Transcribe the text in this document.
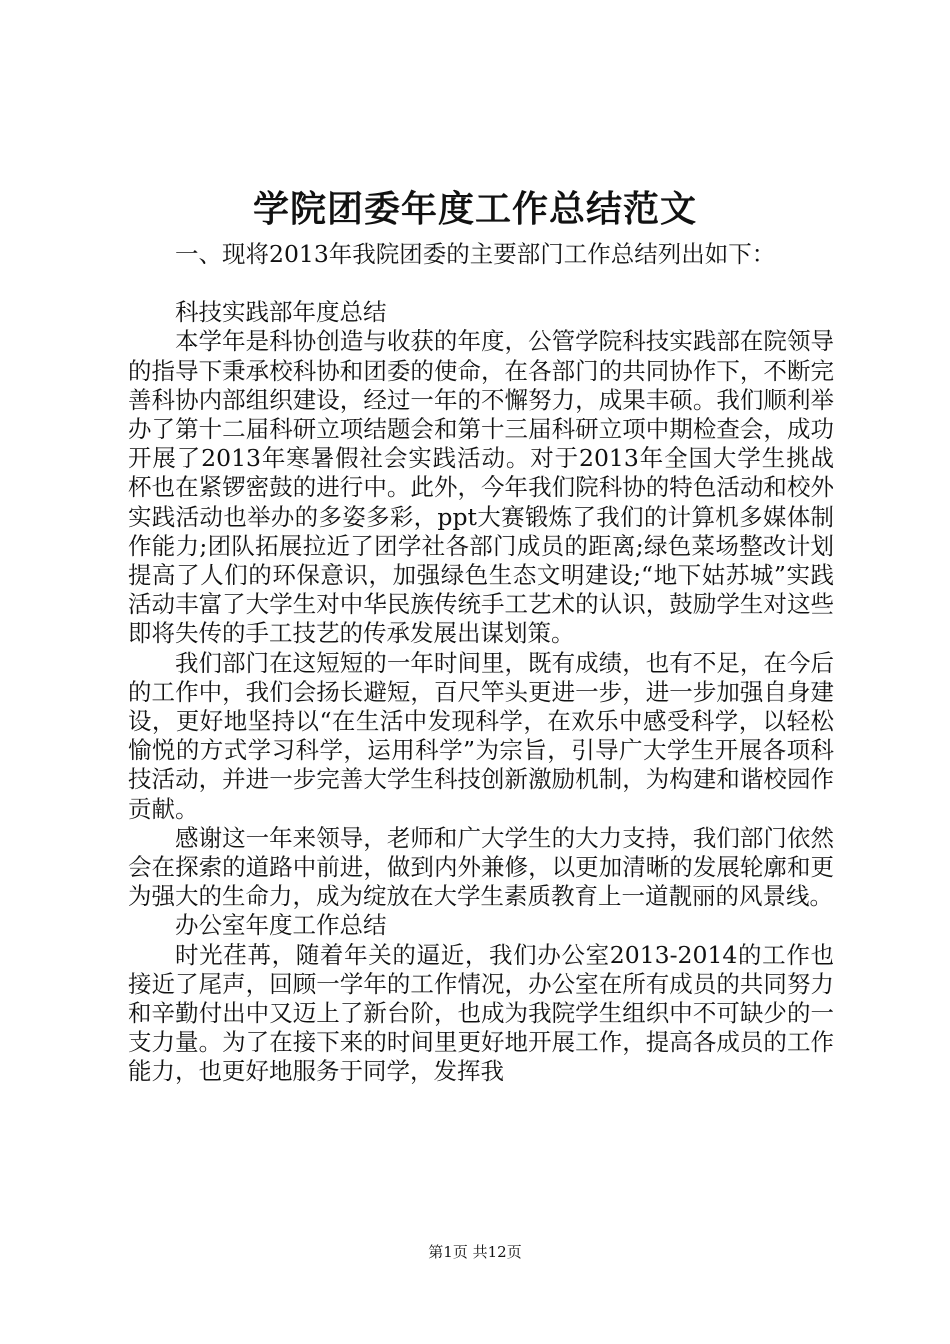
学院团委年度工作总结范文

一、现将2013年我院团委的主要部门工作总结列出如下：

科技实践部年度总结

本学年是科协创造与收获的年度，公管学院科技实践部在院领导的指导下秉承校科协和团委的使命，在各部门的共同协作下，不断完善科协内部组织建设，经过一年的不懈努力，成果丰硕。我们顺利举办了第十二届科研立项结题会和第十三届科研立项中期检查会，成功开展了2013年寒暑假社会实践活动。对于2013年全国大学生挑战杯也在紧锣密鼓的进行中。此外，今年我们院科协的特色活动和校外实践活动也举办的多姿多彩，ppt大赛锻炼了我们的计算机多媒体制作能力;团队拓展拉近了团学社各部门成员的距离;绿色菜场整改计划提高了人们的环保意识，加强绿色生态文明建设;“地下姑苏城”实践活动丰富了大学生对中华民族传统手工艺术的认识，鼓励学生对这些即将失传的手工技艺的传承发展出谋划策。

我们部门在这短短的一年时间里，既有成绩，也有不足，在今后的工作中，我们会扬长避短，百尺竿头更进一步，进一步加强自身建设，更好地坚持以“在生活中发现科学，在欢乐中感受科学，以轻松愉悦的方式学习科学，运用科学”为宗旨，引导广大学生开展各项科技活动，并进一步完善大学生科技创新激励机制，为构建和谐校园作贡献。

感谢这一年来领导，老师和广大学生的大力支持，我们部门依然会在探索的道路中前进，做到内外兼修，以更加清晰的发展轮廓和更为强大的生命力，成为绽放在大学生素质教育上一道靓丽的风景线。

办公室年度工作总结

时光荏苒，随着年关的逼近，我们办公室2013-2014的工作也接近了尾声，回顾一学年的工作情况，办公室在所有成员的共同努力和辛勤付出中又迈上了新台阶，也成为我院学生组织中不可缺少的一支力量。为了在接下来的时间里更好地开展工作，提高各成员的工作能力，也更好地服务于同学，发挥我

第1页 共12页
